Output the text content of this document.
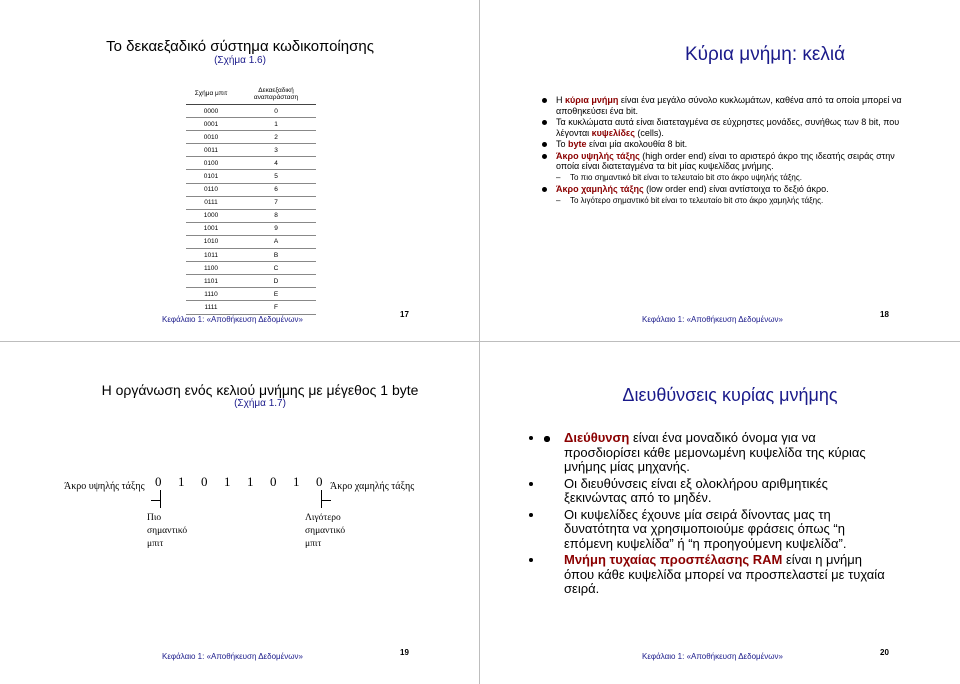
Το δεκαεξαδικό σύστημα κωδικοποίησης
(Σχήμα 1.6)
Σχήμα μπιτ	Δεκαεξαδική αναπαράσταση
0000	0
0001	1
0010	2
0011	3
0100	4
0101	5
0110	6
0111	7
1000	8
1001	9
1010	A
1011	B
1100	C
1101	D
1110	E
1111	F
Κεφάλαιο 1: «Αποθήκευση Δεδομένων»
17
Κύρια μνήμη: κελιά
Η κύρια μνήμη είναι ένα μεγάλο σύνολο κυκλωμάτων, καθένα από τα οποία μπορεί να αποθηκεύσει ένα bit.
Τα κυκλώματα αυτά είναι διατεταγμένα σε εύχρηστες μονάδες, συνήθως των 8 bit, που λέγονται κυψελίδες (cells).
Το byte είναι μία ακολουθία 8 bit.
Άκρο υψηλής τάξης (high order end) είναι το αριστερό άκρο της ιδεατής σειράς στην οποία είναι διατεταγμένα τα bit μίας κυψελίδας μνήμης.
– Το πιο σημαντικό bit είναι το τελευταίο bit στο άκρο υψηλής τάξης.
Άκρο χαμηλής τάξης (low order end) είναι αντίστοιχα το δεξιό άκρο.
– Το λιγότερο σημαντικό bit είναι το τελευταίο bit στο άκρο χαμηλής τάξης.
Κεφάλαιο 1: «Αποθήκευση Δεδομένων»
18
Η οργάνωση ενός κελιού μνήμης με μέγεθος 1 byte
(Σχήμα 1.7)
Άκρο υψηλής τάξης	Άκρο χαμηλής τάξης
0 1 0 1 1 0 1 0
Πιο σημαντικό μπιτ
Λιγότερο σημαντικό μπιτ
Κεφάλαιο 1: «Αποθήκευση Δεδομένων»	19
Διευθύνσεις κυρίας μνήμης
• Διεύθυνση είναι ένα μοναδικό όνομα για να προσδιορίσει κάθε μεμονωμένη κυψελίδα της κύριας μνήμης μίας μηχανής.
• Οι διευθύνσεις είναι εξ ολοκλήρου αριθμητικές ξεκινώντας από το μηδέν.
• Οι κυψελίδες έχουνε μία σειρά δίνοντας μας τη δυνατότητα να χρησιμοποιούμε φράσεις όπως “η επόμενη κυψελίδα” ή “η προηγούμενη κυψελίδα”.
• Μνήμη τυχαίας προσπέλασης RAM είναι η μνήμη όπου κάθε κυψελίδα μπορεί να προσπελαστεί με τυχαία σειρά.
Κεφάλαιο 1: «Αποθήκευση Δεδομένων»	20
